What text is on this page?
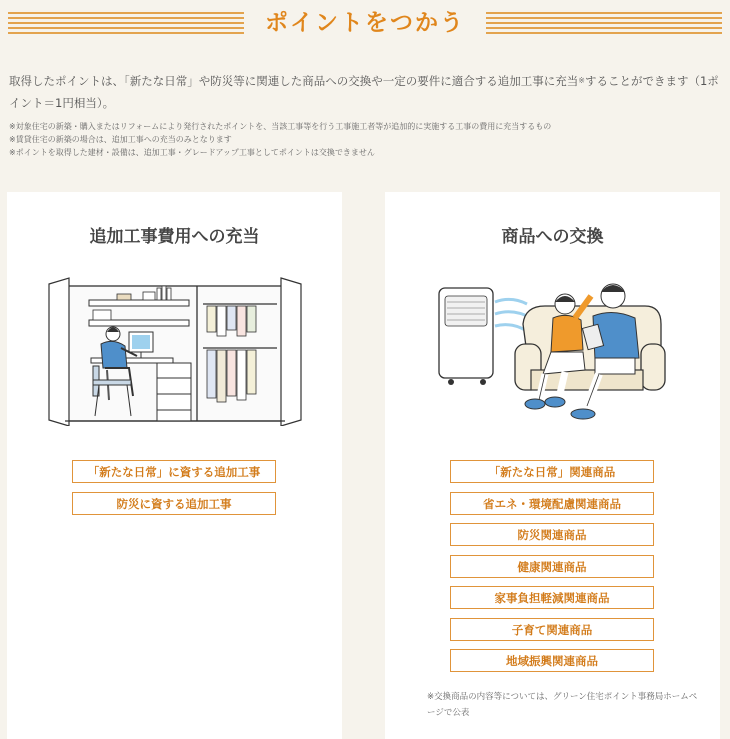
ポイントをつかう

取得したポイントは、「新たな日常」や防災等に関連した商品への交換や一定の要件に適合する追加工事に充当※することができます（1ポイント＝1円相当）。

※対象住宅の新築・購入またはリフォームにより発行されたポイントを、当該工事等を行う工事施工者等が追加的に実施する工事の費用に充当するもの
※賃貸住宅の新築の場合は、追加工事への充当のみとなります
※ポイントを取得した建材・設備は、追加工事・グレードアップ工事としてポイントは交換できません
追加工事費用への充当
「新たな日常」に資する追加工事
防災に資する追加工事
商品への交換
「新たな日常」関連商品
省エネ・環境配慮関連商品
防災関連商品
健康関連商品
家事負担軽減関連商品
子育て関連商品
地域振興関連商品

※交換商品の内容等については、グリーン住宅ポイント事務局ホームページで公表
